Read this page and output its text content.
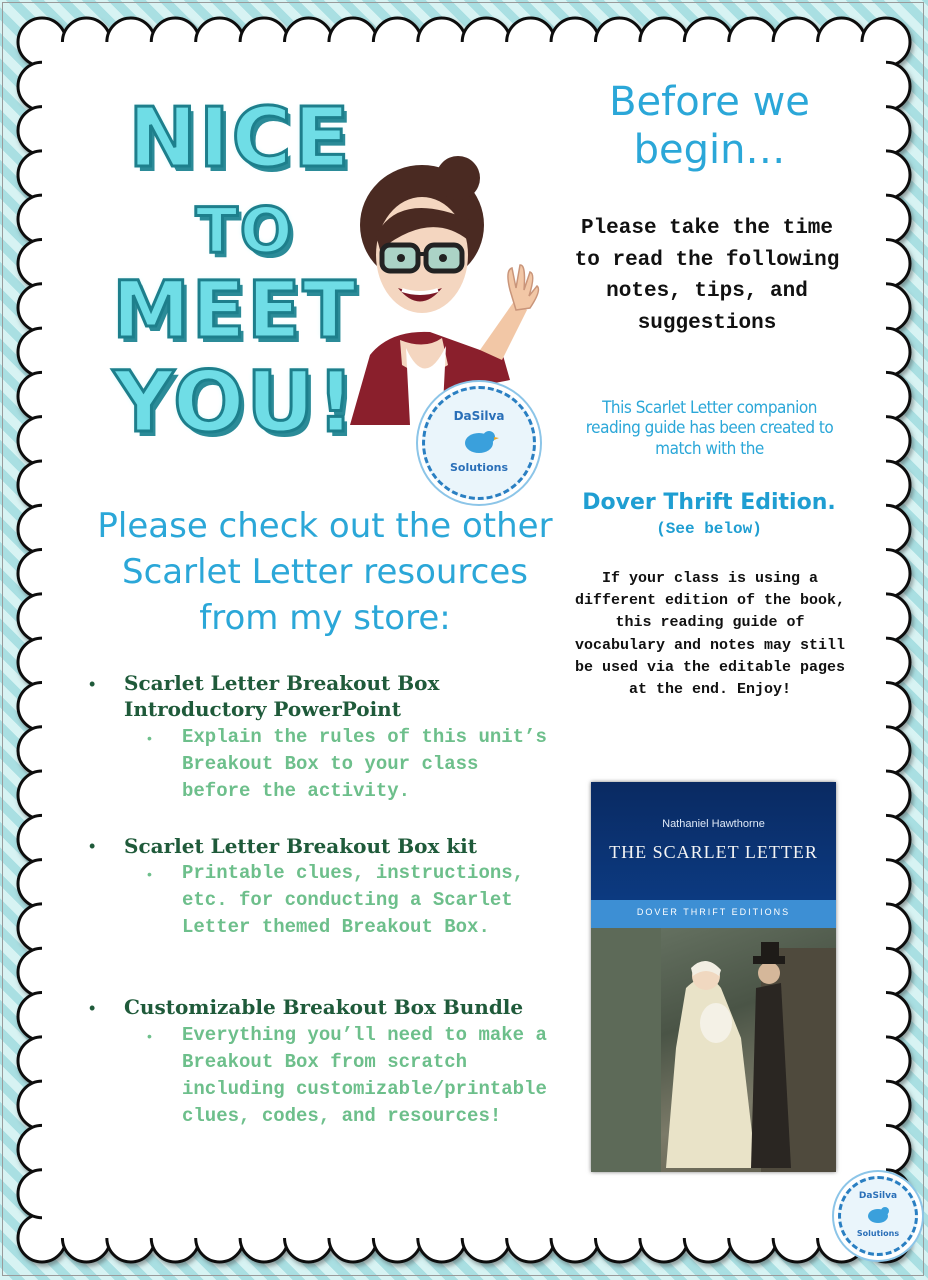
NICE
TO
MEET
YOU!	DaSilva
Solutions
Before we begin…
Please take the time to read the following notes, tips, and suggestions
This Scarlet Letter companion reading guide has been created to match with the
Dover Thrift Edition.
(See below)
If your class is using a different edition of the book, this reading guide of vocabulary and notes may still be used via the editable pages at the end. Enjoy!
Nathaniel Hawthorne
THE SCARLET LETTER
DOVER THRIFT EDITIONS
Please check out the other Scarlet Letter resources from my store:
• Scarlet Letter Breakout Box Introductory PowerPoint
• Explain the rules of this unit’s Breakout Box to your class before the activity.
• Scarlet Letter Breakout Box kit
• Printable clues, instructions, etc. for conducting a Scarlet Letter themed Breakout Box.
• Customizable Breakout Box Bundle
• Everything you’ll need to make a Breakout Box from scratch including customizable/printable clues, codes, and resources!
DaSilva
Solutions
